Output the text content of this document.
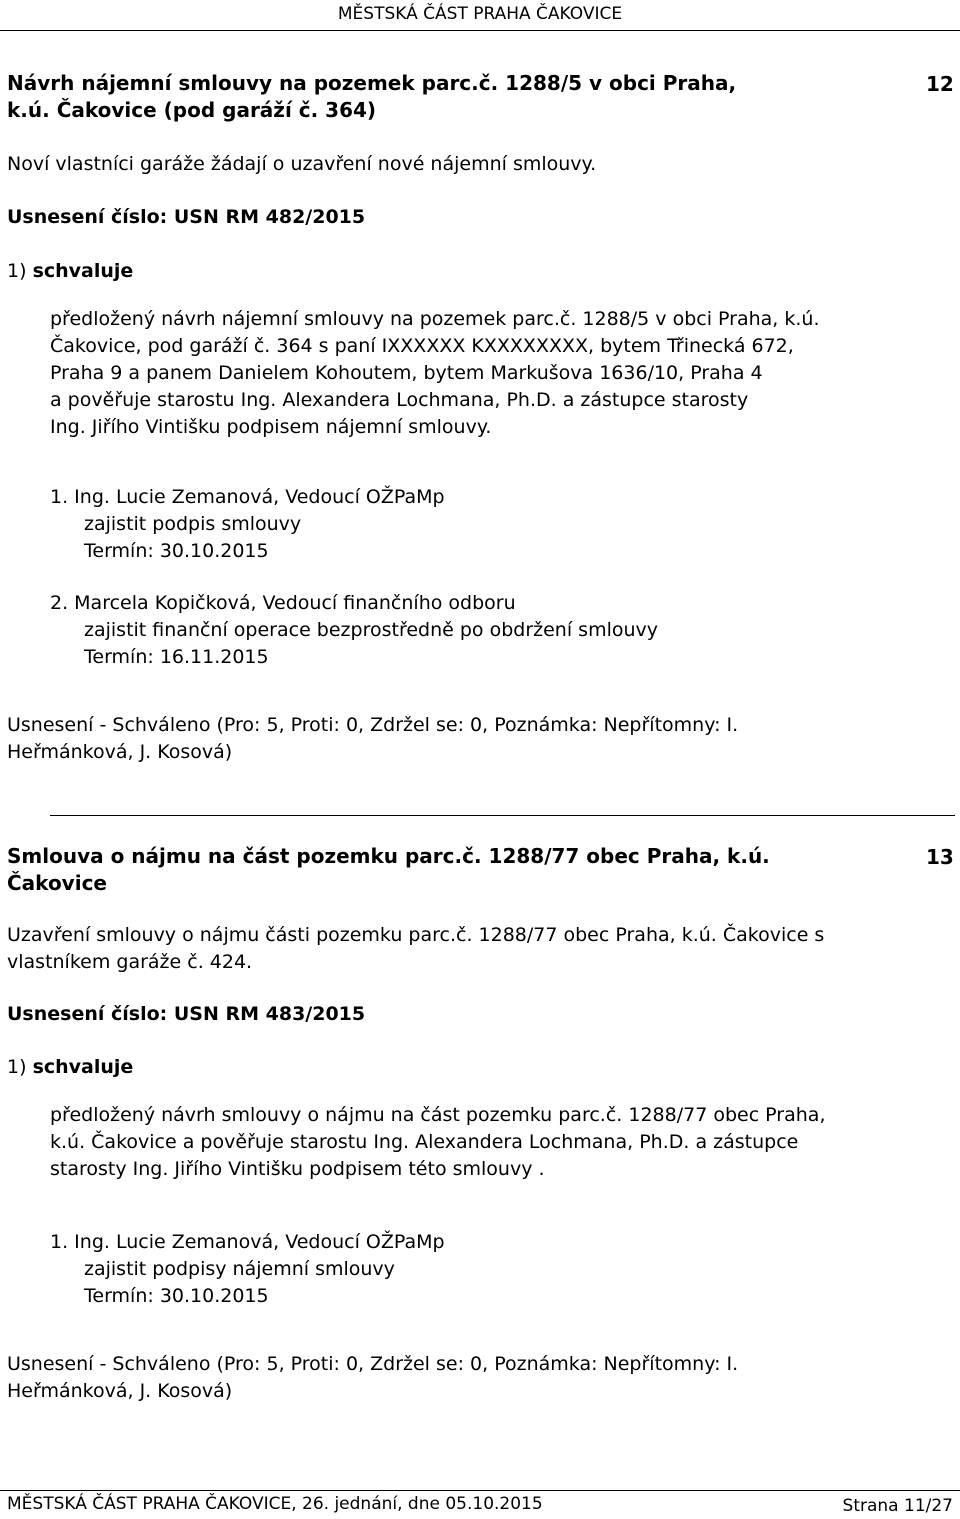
MĚSTSKÁ ČÁST PRAHA ČAKOVICE
Návrh nájemní smlouvy na pozemek parc.č. 1288/5 v obci Praha,
k.ú. Čakovice (pod garáží č. 364)
12
Noví vlastníci garáže žádají o uzavření nové nájemní smlouvy.
Usnesení číslo: USN RM 482/2015
1) schvaluje
předložený návrh nájemní smlouvy na pozemek parc.č. 1288/5 v obci Praha, k.ú.
Čakovice, pod garáží č. 364 s paní IXXXXXX KXXXXXXXX, bytem Třinecká 672,
Praha 9 a panem Danielem Kohoutem, bytem Markušova 1636/10, Praha 4
a pověřuje starostu Ing. Alexandera Lochmana, Ph.D. a zástupce starosty
Ing. Jiřího Vintišku podpisem nájemní smlouvy.
1. Ing. Lucie Zemanová, Vedoucí OŽPaMp
zajistit podpis smlouvy
Termín: 30.10.2015
2. Marcela Kopičková, Vedoucí finančního odboru
zajistit finanční operace bezprostředně po obdržení smlouvy
Termín: 16.11.2015
Usnesení - Schváleno (Pro: 5, Proti: 0, Zdržel se: 0, Poznámka: Nepřítomny: I.
Heřmánková, J. Kosová)
Smlouva o nájmu na část pozemku parc.č. 1288/77 obec Praha, k.ú.
Čakovice
13
Uzavření smlouvy o nájmu části pozemku parc.č. 1288/77 obec Praha, k.ú. Čakovice s
vlastníkem garáže č. 424.
Usnesení číslo: USN RM 483/2015
1) schvaluje
předložený návrh smlouvy o nájmu na část pozemku parc.č. 1288/77 obec Praha,
k.ú. Čakovice a pověřuje starostu Ing. Alexandera Lochmana, Ph.D. a zástupce
starosty Ing. Jiřího Vintišku podpisem této smlouvy .
1. Ing. Lucie Zemanová, Vedoucí OŽPaMp
zajistit podpisy nájemní smlouvy
Termín: 30.10.2015
Usnesení - Schváleno (Pro: 5, Proti: 0, Zdržel se: 0, Poznámka: Nepřítomny: I.
Heřmánková, J. Kosová)
MĚSTSKÁ ČÁST PRAHA ČAKOVICE, 26. jednání, dne 05.10.2015	Strana 11/27
